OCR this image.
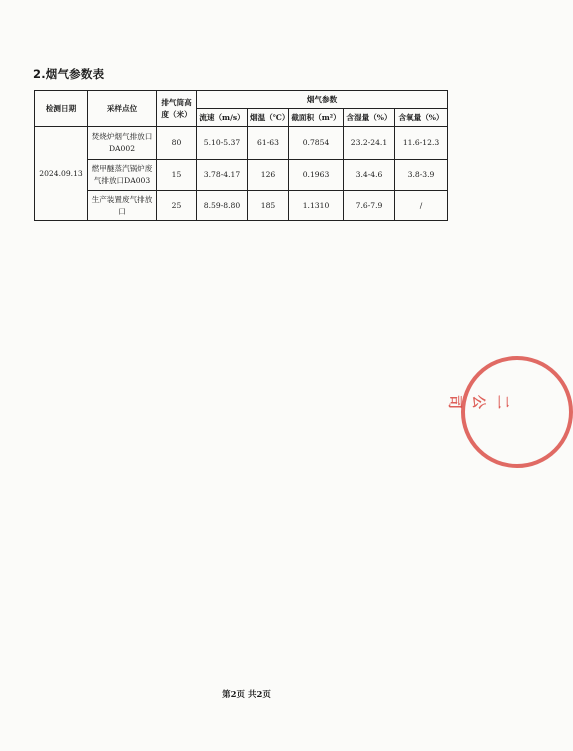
2.烟气参数表
检测日期	采样点位	排气筒高度（米）	烟气参数				
			流速（m/s）	烟温（℃）	截面积（m²）	含湿量（%）	含氧量（%）
2024.09.13	焚烧炉烟气排放口DA002	80	5.10-5.37	61-63	0.7854	23.2-24.1	11.6-12.3
	燃甲醚蒸汽锅炉废气排放口DA003	15	3.78-4.17	126	0.1963	3.4-4.6	3.8-3.9
	生产装置废气排放口	25	8.59-8.80	185	1.1310	7.6-7.9	/
二公司
第2页 共2页
